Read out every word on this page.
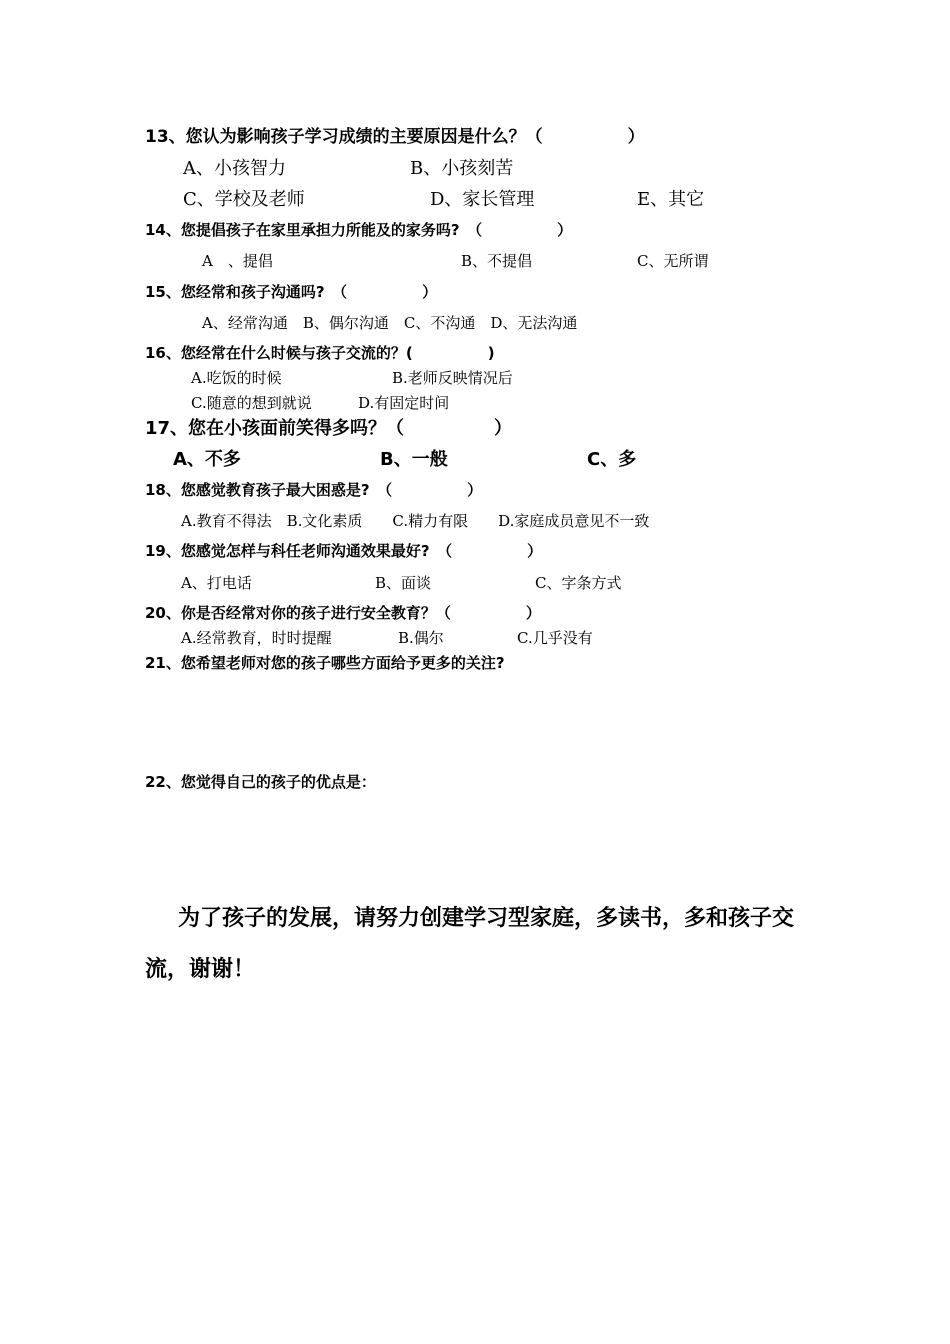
13、您认为影响孩子学习成绩的主要原因是什么？（　　　　　）
A、小孩智力	B、小孩刻苦
C、学校及老师	D、家长管理	E、其它
14、您提倡孩子在家里承担力所能及的家务吗?　（　　　　　）
A　、提倡	B、不提倡	C、无所谓
15、您经常和孩子沟通吗?　（　　　　　）
A、经常沟通　B、偶尔沟通　C、不沟通　D、无法沟通
16、您经常在什么时候与孩子交流的？(　　　　　)
A.吃饭的时候	B.老师反映情况后
C.随意的想到就说	D.有固定时间
17、您在小孩面前笑得多吗？（　　　　　）
A、不多	B、一般	C、多
18、您感觉教育孩子最大困惑是?　（　　　　　）
A.教育不得法　B.文化素质　　C.精力有限　　D.家庭成员意见不一致
19、您感觉怎样与科任老师沟通效果最好?　（　　　　　）
A、打电话	B、面谈	C、字条方式
20、你是否经常对你的孩子进行安全教育？（　　　　　）
A.经常教育，时时提醒	B.偶尔	C.几乎没有
21、您希望老师对您的孩子哪些方面给予更多的关注?
22、您觉得自己的孩子的优点是：
为了孩子的发展，请努力创建学习型家庭，多读书，多和孩子交
流，谢谢！
